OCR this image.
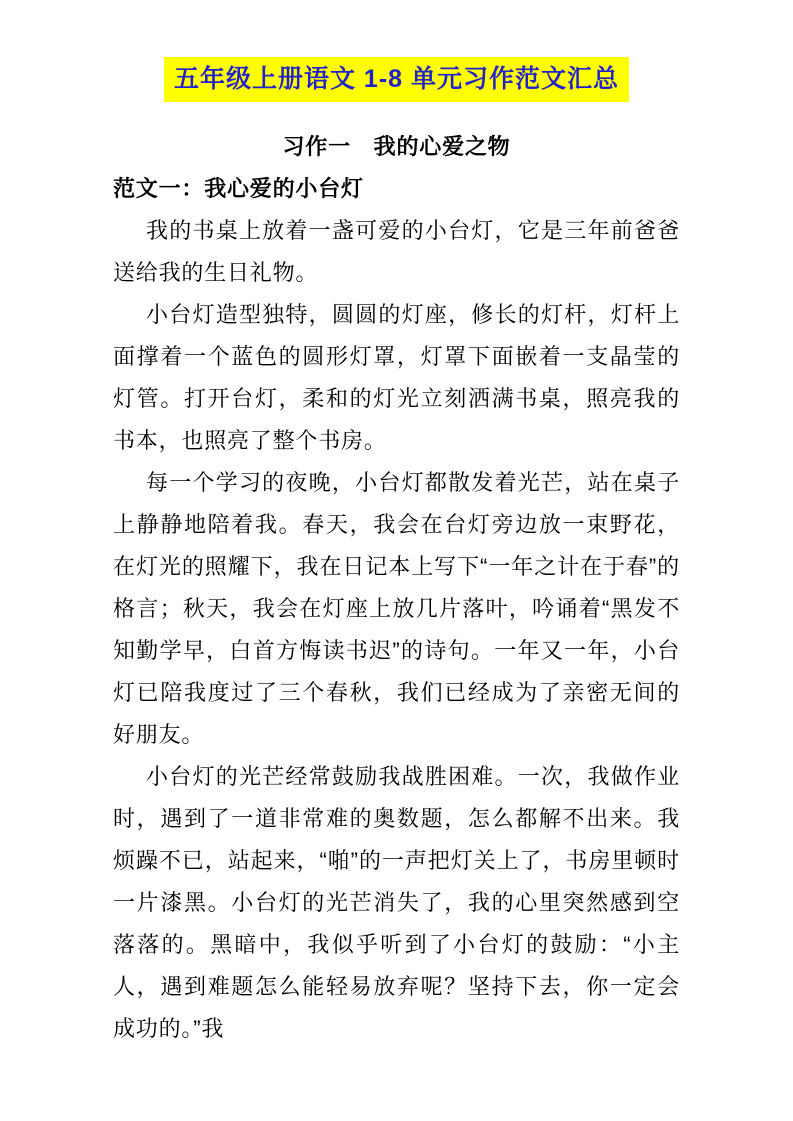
五年级上册语文 1-8 单元习作范文汇总
习作一　我的心爱之物
范文一：我心爱的小台灯

我的书桌上放着一盏可爱的小台灯，它是三年前爸爸送给我的生日礼物。

小台灯造型独特，圆圆的灯座，修长的灯杆，灯杆上面撑着一个蓝色的圆形灯罩，灯罩下面嵌着一支晶莹的灯管。打开台灯，柔和的灯光立刻洒满书桌，照亮我的书本，也照亮了整个书房。

每一个学习的夜晚，小台灯都散发着光芒，站在桌子上静静地陪着我。春天，我会在台灯旁边放一束野花，在灯光的照耀下，我在日记本上写下“一年之计在于春”的格言；秋天，我会在灯座上放几片落叶，吟诵着“黑发不知勤学早，白首方悔读书迟”的诗句。一年又一年，小台灯已陪我度过了三个春秋，我们已经成为了亲密无间的好朋友。

小台灯的光芒经常鼓励我战胜困难。一次，我做作业时，遇到了一道非常难的奥数题，怎么都解不出来。我烦躁不已，站起来，“啪”的一声把灯关上了，书房里顿时一片漆黑。小台灯的光芒消失了，我的心里突然感到空落落的。黑暗中，我似乎听到了小台灯的鼓励：“小主人，遇到难题怎么能轻易放弃呢？坚持下去，你一定会成功的。”我
